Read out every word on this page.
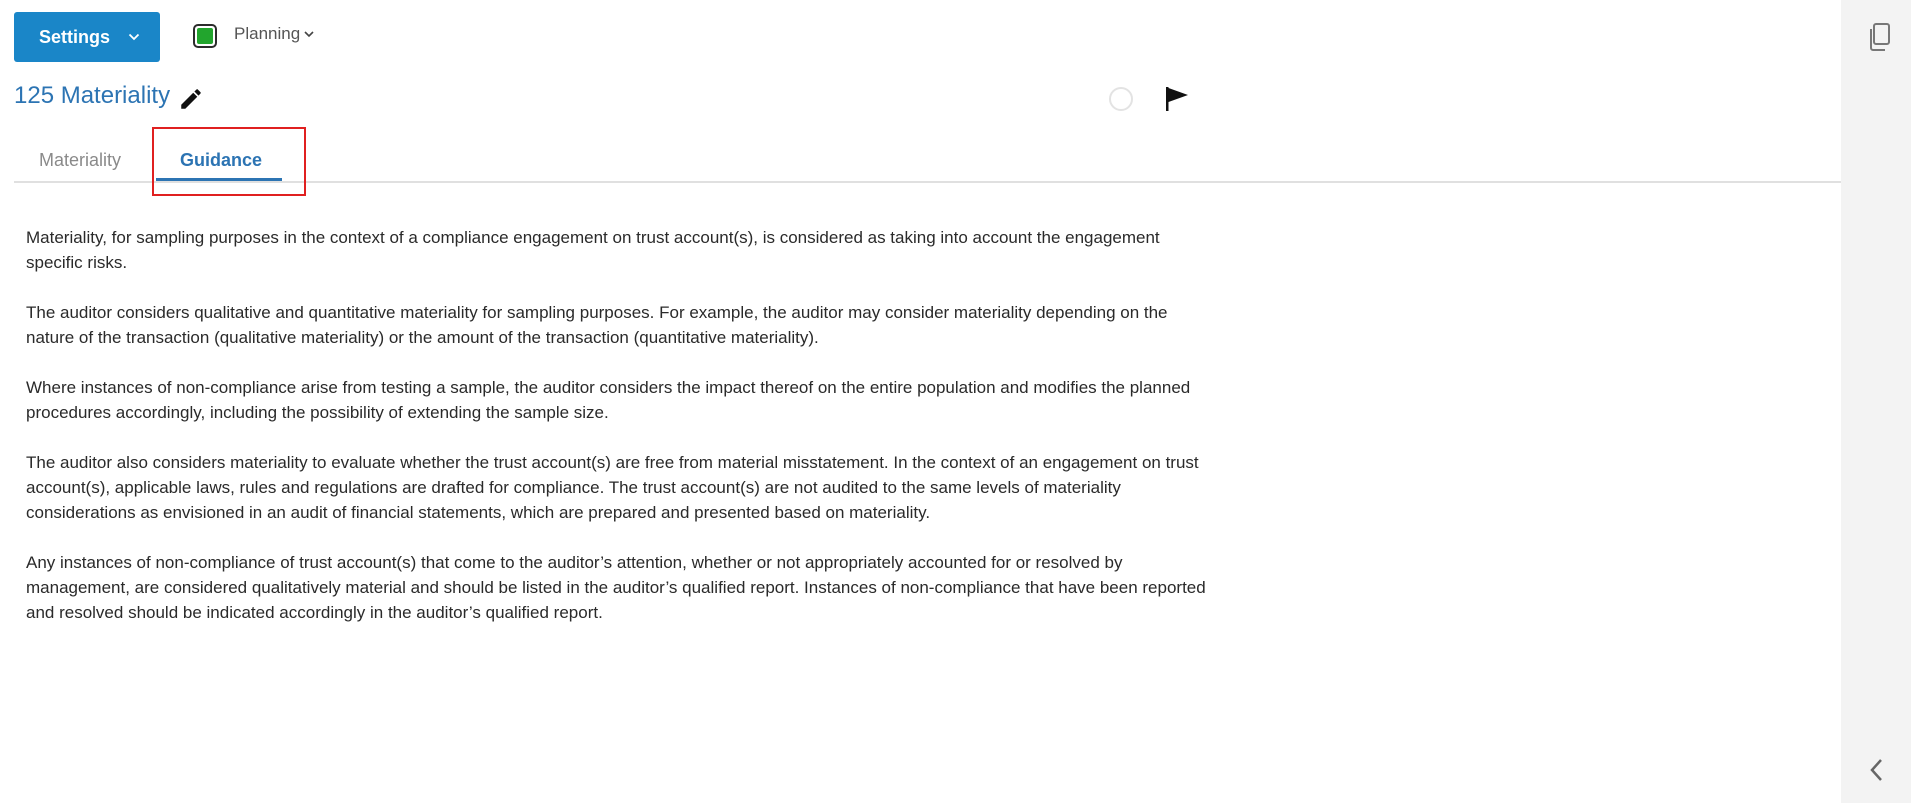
Settings	Planning
125 Materiality
Materiality	Guidance

Materiality, for sampling purposes in the context of a compliance engagement on trust account(s), is considered as taking into account the engagement specific risks.

The auditor considers qualitative and quantitative materiality for sampling purposes. For example, the auditor may consider materiality depending on the nature of the transaction (qualitative materiality) or the amount of the transaction (quantitative materiality).

Where instances of non-compliance arise from testing a sample, the auditor considers the impact thereof on the entire population and modifies the planned procedures accordingly, including the possibility of extending the sample size.

The auditor also considers materiality to evaluate whether the trust account(s) are free from material misstatement. In the context of an engagement on trust account(s), applicable laws, rules and regulations are drafted for compliance. The trust account(s) are not audited to the same levels of materiality considerations as envisioned in an audit of financial statements, which are prepared and presented based on materiality.

Any instances of non-compliance of trust account(s) that come to the auditor’s attention, whether or not appropriately accounted for or resolved by management, are considered qualitatively material and should be listed in the auditor’s qualified report. Instances of non-compliance that have been reported and resolved should be indicated accordingly in the auditor’s qualified report.
